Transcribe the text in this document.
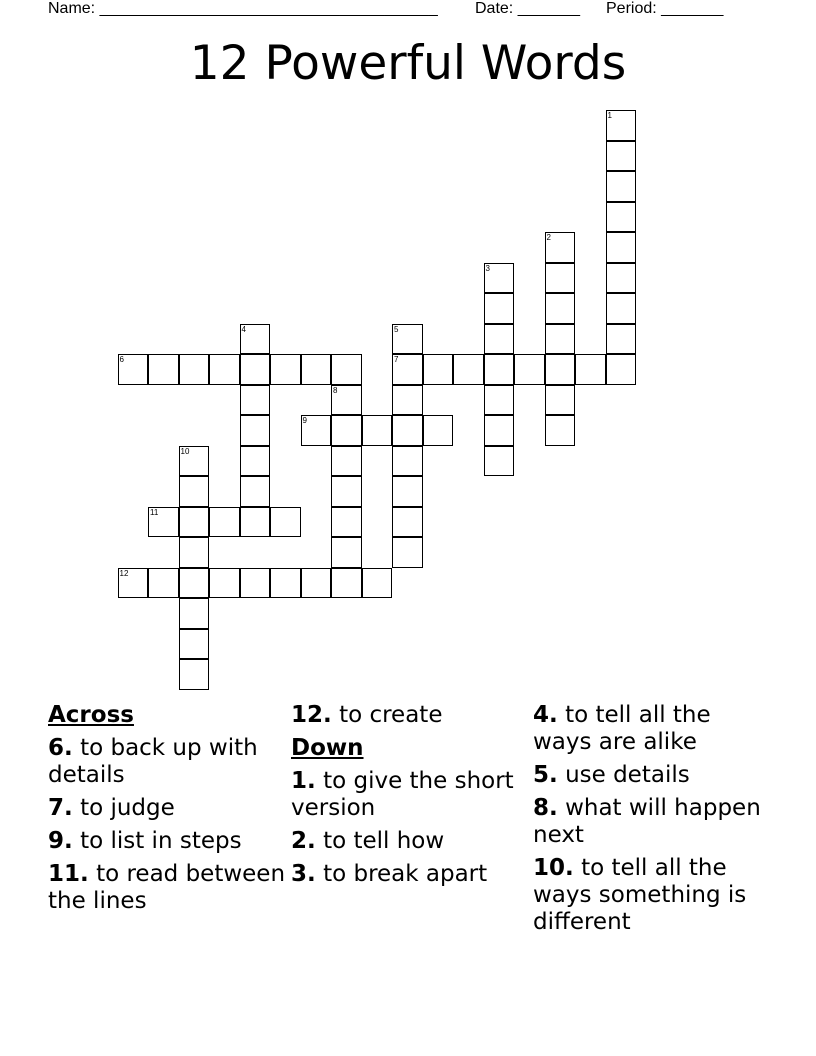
Name: ______________________________________ Date: _______ Period: _______
12 Powerful Words
1
2
3
4	5
7
6
8
9
10
11
12
Across
6. to back up with details
7. to judge
9. to list in steps
11. to read between the lines
12. to create
Down
1. to give the short version
2. to tell how
3. to break apart
4. to tell all the ways are alike
5. use details
8. what will happen next
10. to tell all the ways something is different
